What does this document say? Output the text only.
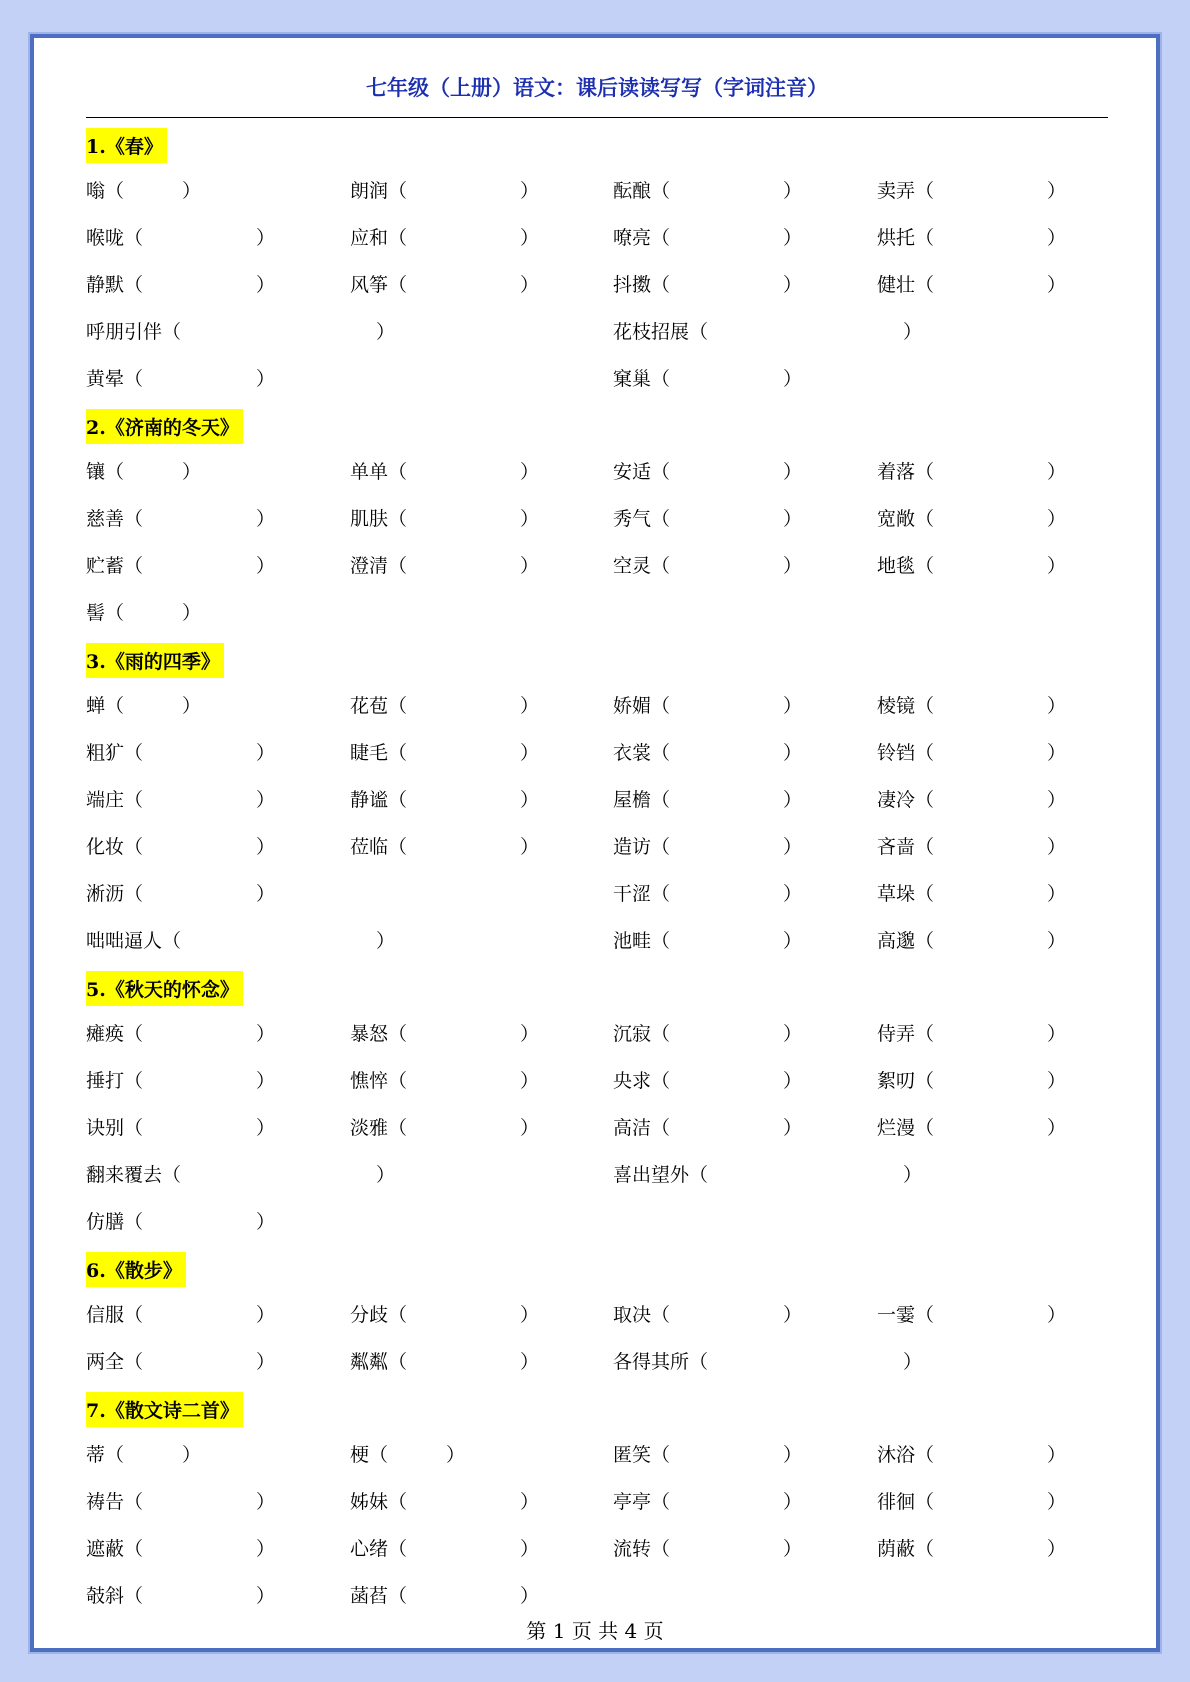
七年级（上册）语文：课后读读写写（字词注音）
1.《春》
嗡（	）	朗润（	）	酝酿（	）	卖弄（	）
喉咙（	）	应和（	）	嘹亮（	）	烘托（	）
静默（	）	风筝（	）	抖擞（	）	健壮（	）
呼朋引伴（	）	花枝招展（	）
黄晕（	）	窠巢（	）
2.《济南的冬天》
镶（	）	单单（	）	安适（	）	着落（	）
慈善（	）	肌肤（	）	秀气（	）	宽敞（	）
贮蓄（	）	澄清（	）	空灵（	）	地毯（	）
髻（	）
3.《雨的四季》
蝉（	）	花苞（	）	娇媚（	）	棱镜（	）
粗犷（	）	睫毛（	）	衣裳（	）	铃铛（	）
端庄（	）	静谧（	）	屋檐（	）	凄冷（	）
化妆（	）	莅临（	）	造访（	）	吝啬（	）
淅沥（	）	干涩（	）	草垛（	）
咄咄逼人（	）	池畦（	）	高邈（	）
5.《秋天的怀念》
瘫痪（	）	暴怒（	）	沉寂（	）	侍弄（	）
捶打（	）	憔悴（	）	央求（	）	絮叨（	）
诀别（	）	淡雅（	）	高洁（	）	烂漫（	）
翻来覆去（	）	喜出望外（	）
仿膳（	）
6.《散步》
信服（	）	分歧（	）	取决（	）	一霎（	）
两全（	）	粼粼（	）	各得其所（	）
7.《散文诗二首》
蒂（	）	梗（	）	匿笑（	）	沐浴（	）
祷告（	）	姊妹（	）	亭亭（	）	徘徊（	）
遮蔽（	）	心绪（	）	流转（	）	荫蔽（	）
攲斜（	）	菡萏（	）
第 1 页 共 4 页
